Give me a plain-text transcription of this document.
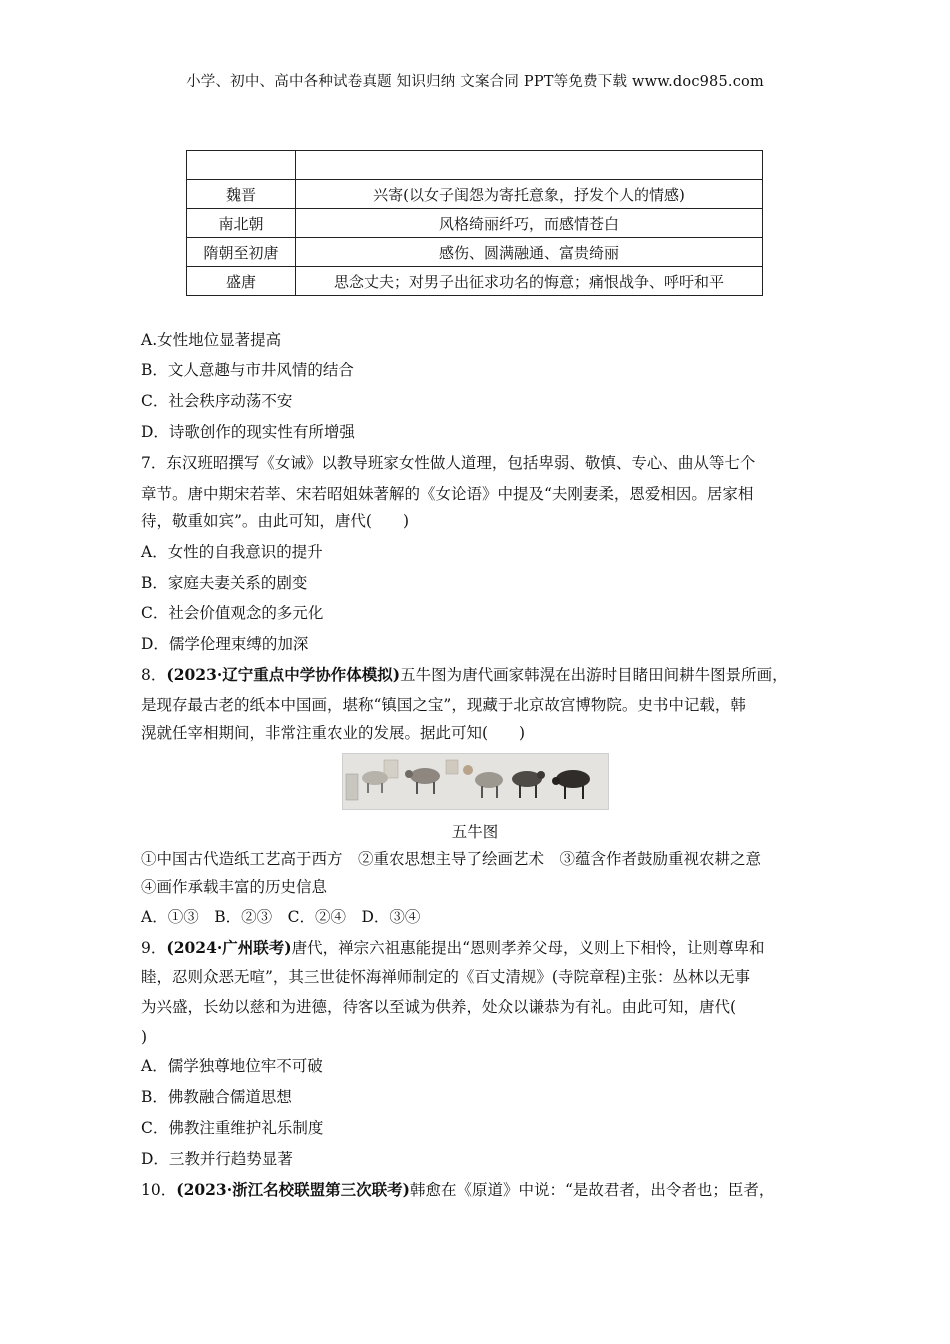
小学、初中、高中各种试卷真题 知识归纳 文案合同 PPT等免费下载 www.doc985.com

魏晋	兴寄(以女子闺怨为寄托意象，抒发个人的情感)
南北朝	风格绮丽纤巧，而感情苍白
隋朝至初唐	感伤、圆满融通、富贵绮丽
盛唐	思念丈夫；对男子出征求功名的悔意；痛恨战争、呼吁和平
A.女性地位显著提高
B．文人意趣与市井风情的结合
C．社会秩序动荡不安
D．诗歌创作的现实性有所增强
7．东汉班昭撰写《女诫》以教导班家女性做人道理，包括卑弱、敬慎、专心、曲从等七个
章节。唐中期宋若莘、宋若昭姐妹著解的《女论语》中提及“夫刚妻柔，恩爱相因。居家相
待，敬重如宾”。由此可知，唐代(　　)
A．女性的自我意识的提升
B．家庭夫妻关系的剧变
C．社会价值观念的多元化
D．儒学伦理束缚的加深
8．(2023·辽宁重点中学协作体模拟)五牛图为唐代画家韩滉在出游时目睹田间耕牛图景所画，
是现存最古老的纸本中国画，堪称“镇国之宝”，现藏于北京故宫博物院。史书中记载，韩
滉就任宰相期间，非常注重农业的发展。据此可知(　　)
五牛图
①中国古代造纸工艺高于西方　②重农思想主导了绘画艺术　③蕴含作者鼓励重视农耕之意
④画作承载丰富的历史信息
A．①③　B．②③　C．②④　D．③④
9．(2024·广州联考)唐代，禅宗六祖惠能提出“恩则孝养父母，义则上下相怜，让则尊卑和
睦，忍则众恶无喧”，其三世徒怀海禅师制定的《百丈清规》(寺院章程)主张：丛林以无事
为兴盛，长幼以慈和为进德，待客以至诚为供养，处众以谦恭为有礼。由此可知，唐代(
)
A．儒学独尊地位牢不可破
B．佛教融合儒道思想
C．佛教注重维护礼乐制度
D．三教并行趋势显著
10．(2023·浙江名校联盟第三次联考)韩愈在《原道》中说：“是故君者，出令者也；臣者，
